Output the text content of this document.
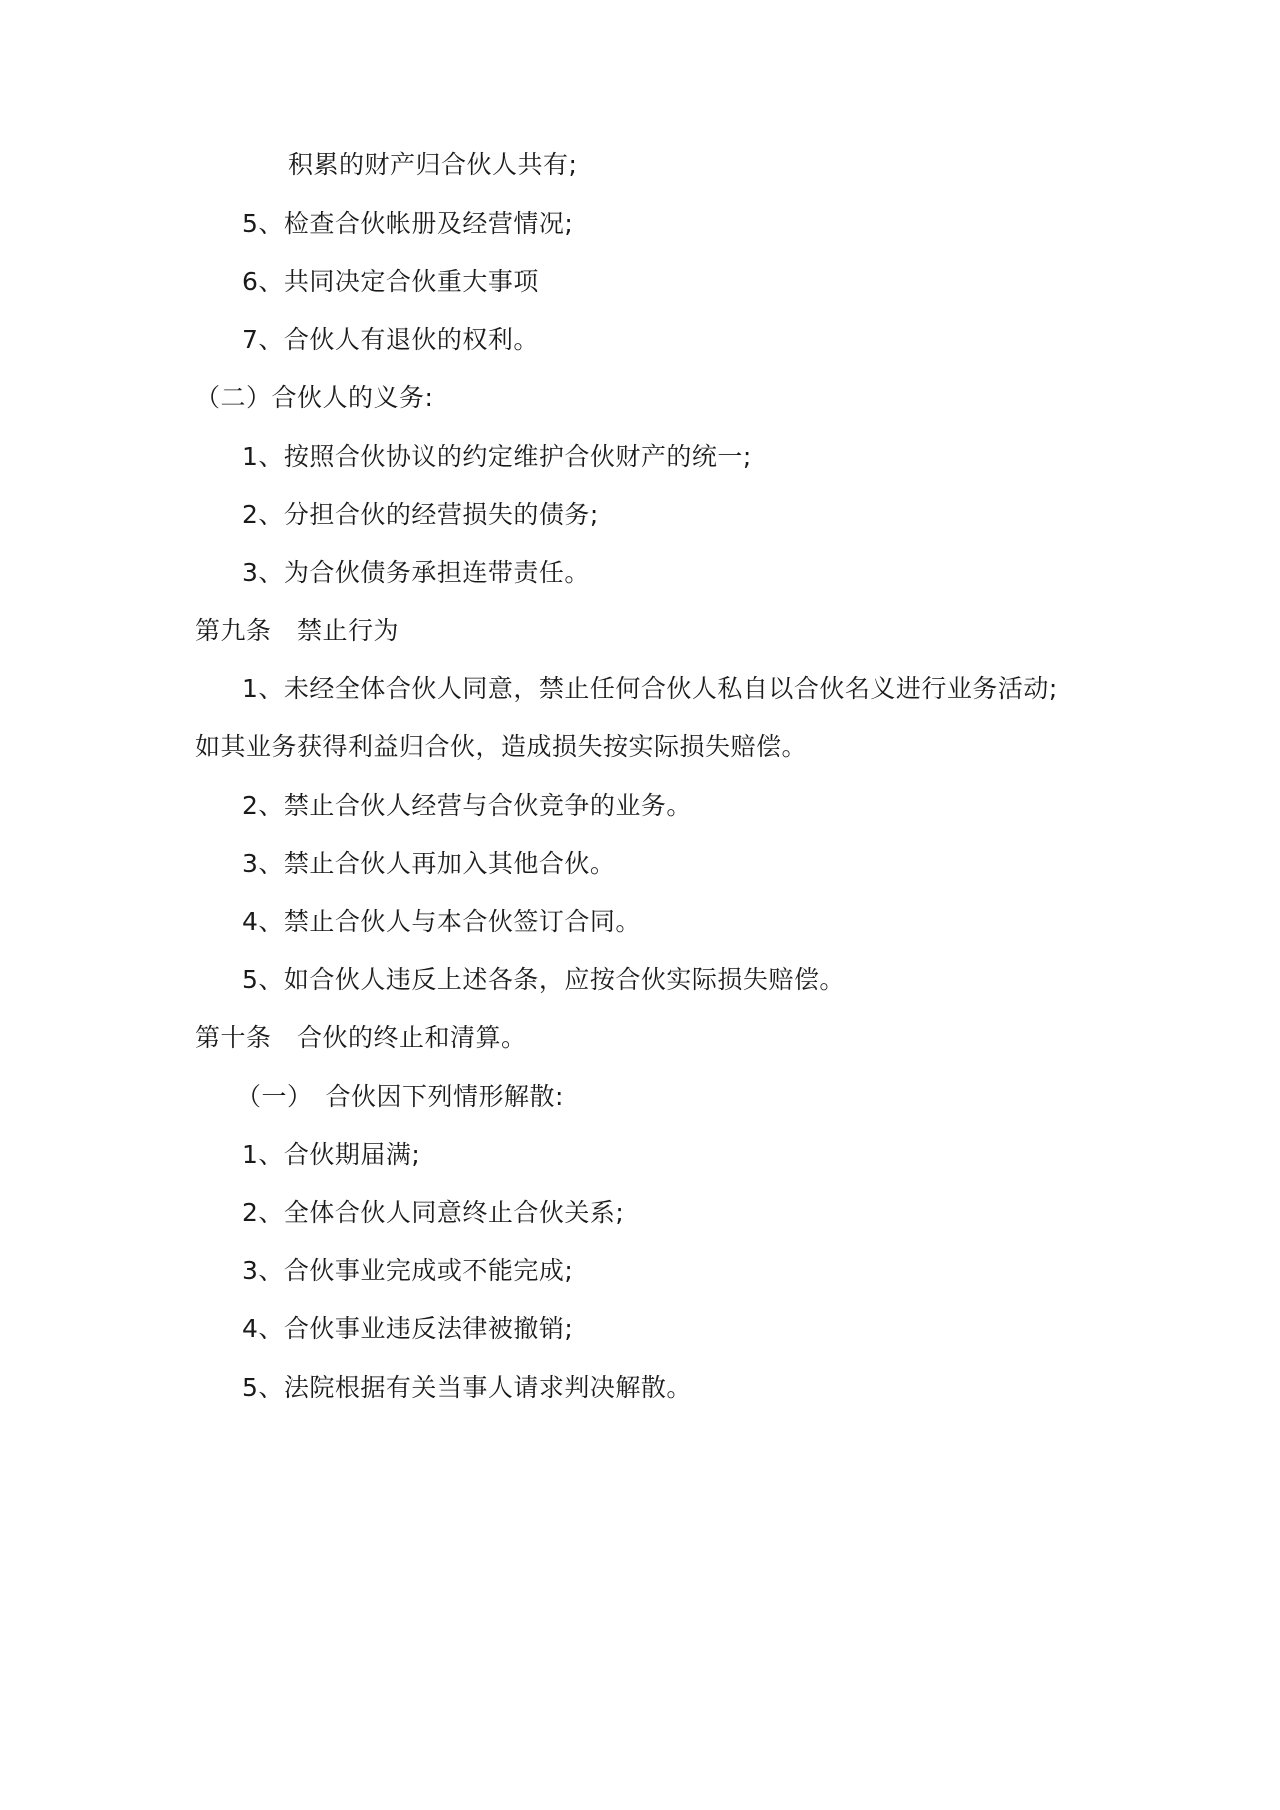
积累的财产归合伙人共有;
5、检查合伙帐册及经营情况;
6、共同决定合伙重大事项
7、合伙人有退伙的权利。
（二）合伙人的义务:
1、按照合伙协议的约定维护合伙财产的统一;
2、分担合伙的经营损失的债务;
3、为合伙债务承担连带责任。
第九条　禁止行为
1、未经全体合伙人同意，禁止任何合伙人私自以合伙名义进行业务活动;
如其业务获得利益归合伙，造成损失按实际损失赔偿。
2、禁止合伙人经营与合伙竞争的业务。
3、禁止合伙人再加入其他合伙。
4、禁止合伙人与本合伙签订合同。
5、如合伙人违反上述各条，应按合伙实际损失赔偿。
第十条　合伙的终止和清算。
（一）　合伙因下列情形解散:
1、合伙期届满;
2、全体合伙人同意终止合伙关系;
3、合伙事业完成或不能完成;
4、合伙事业违反法律被撤销;
5、法院根据有关当事人请求判决解散。
